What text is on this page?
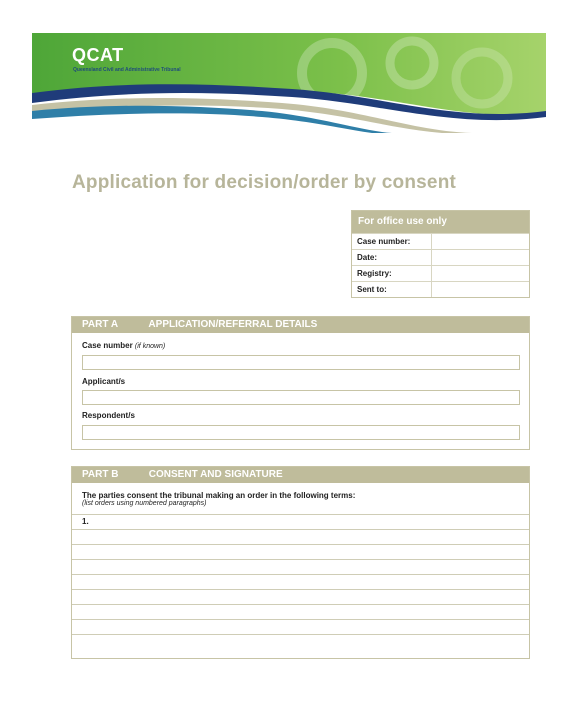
QCAT
Queensland Civil and Administrative Tribunal
Application for decision/order by consent
For office use only
Case number:
Date:
Registry:
Sent to:
PART A	APPLICATION/REFERRAL DETAILS
Case number (if known)
Applicant/s
Respondent/s
PART B	CONSENT AND SIGNATURE
The parties consent the tribunal making an order in the following terms:
(list orders using numbered paragraphs)
1.
